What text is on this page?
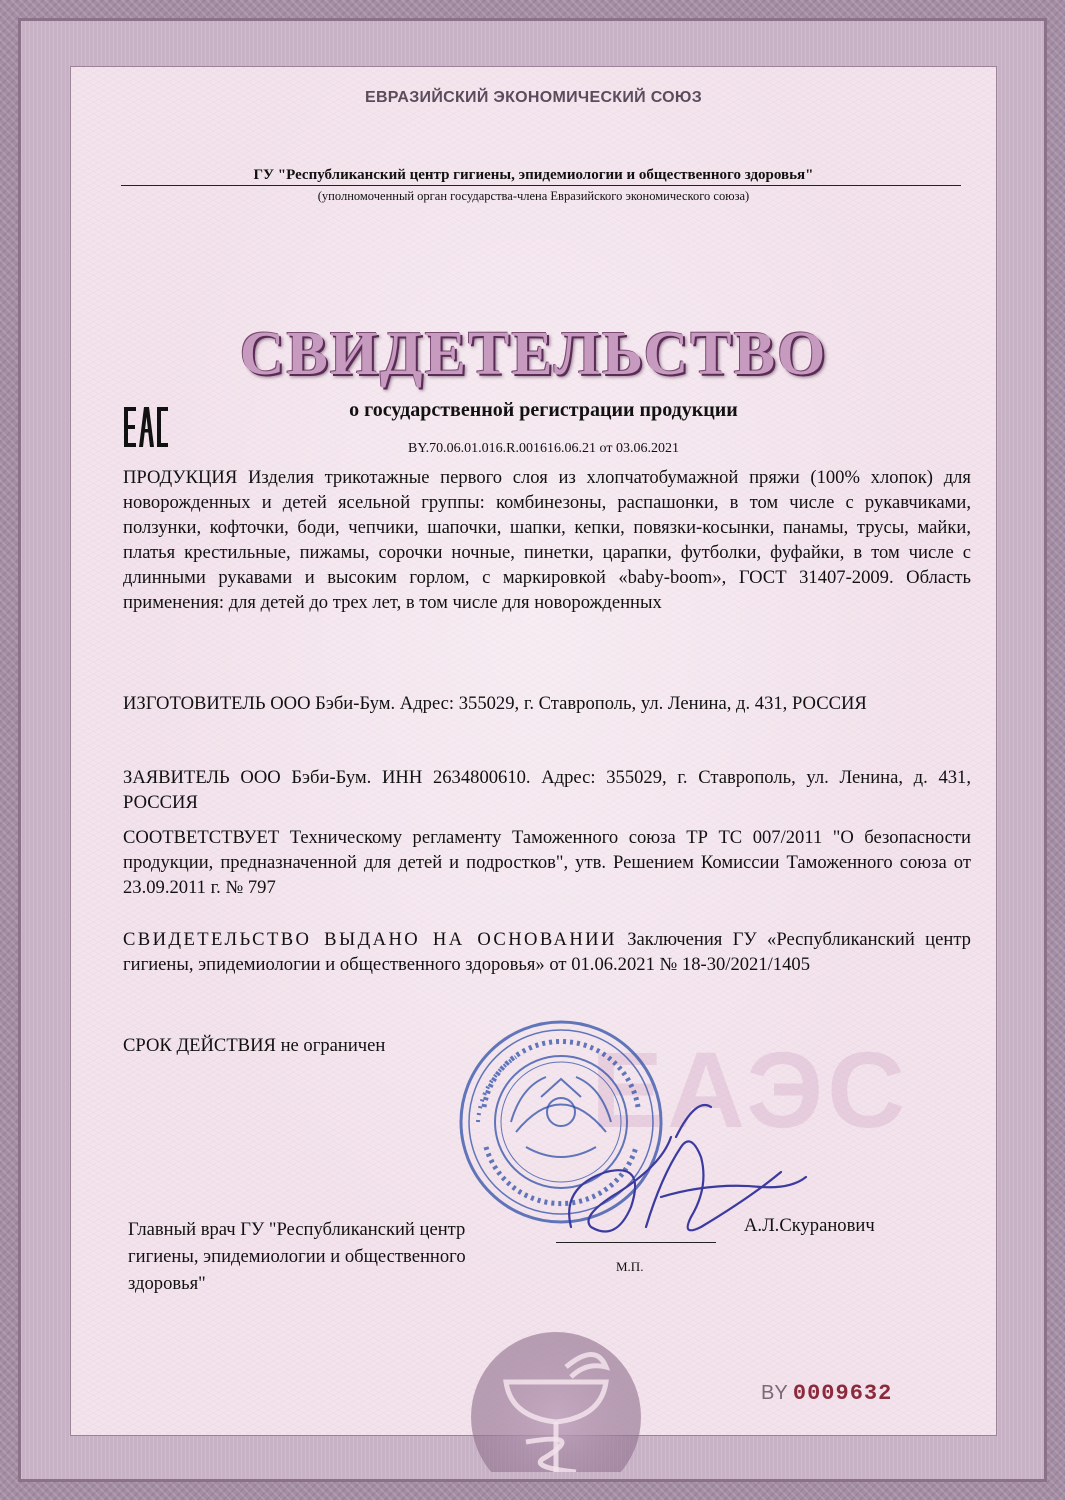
ЕВРАЗИЙСКИЙ ЭКОНОМИЧЕСКИЙ СОЮЗ
ГУ "Республиканский центр гигиены, эпидемиологии и общественного здоровья"
(уполномоченный орган государства-члена Евразийского экономического союза)
СВИДЕТЕЛЬСТВО
о государственной регистрации продукции
BY.70.06.01.016.R.001616.06.21 от 03.06.2021
ПРОДУКЦИЯ Изделия трикотажные первого слоя из хлопчатобумажной пряжи (100% хлопок) для новорожденных и детей ясельной группы: комбинезоны, распашонки, в том числе с рукавчиками, ползунки, кофточки, боди, чепчики, шапочки, шапки, кепки, повязки-косынки, панамы, трусы, майки, платья крестильные, пижамы, сорочки ночные, пинетки, царапки, футболки, фуфайки, в том числе с длинными рукавами и высоким горлом, с маркировкой «baby-boom», ГОСТ 31407-2009. Область применения: для детей до трех лет, в том числе для новорожденных
ИЗГОТОВИТЕЛЬ ООО Бэби-Бум. Адрес: 355029, г. Ставрополь, ул. Ленина, д. 431, РОССИЯ
ЗАЯВИТЕЛЬ ООО Бэби-Бум. ИНН 2634800610. Адрес: 355029, г. Ставрополь, ул. Ленина, д. 431, РОССИЯ
СООТВЕТСТВУЕТ Техническому регламенту Таможенного союза ТР ТС 007/2011 "О безопасности продукции, предназначенной для детей и подростков", утв. Решением Комиссии Таможенного союза от 23.09.2011 г. № 797
СВИДЕТЕЛЬСТВО ВЫДАНО НА ОСНОВАНИИ Заключения ГУ «Республиканский центр гигиены, эпидемиологии и общественного здоровья» от 01.06.2021 № 18-30/2021/1405
ЕАЭС
СРОК ДЕЙСТВИЯ не ограничен
Главный врач ГУ "Республиканский центр гигиены, эпидемиологии и общественного здоровья"
А.Л.Скуранович
М.П.
BY 0009632
